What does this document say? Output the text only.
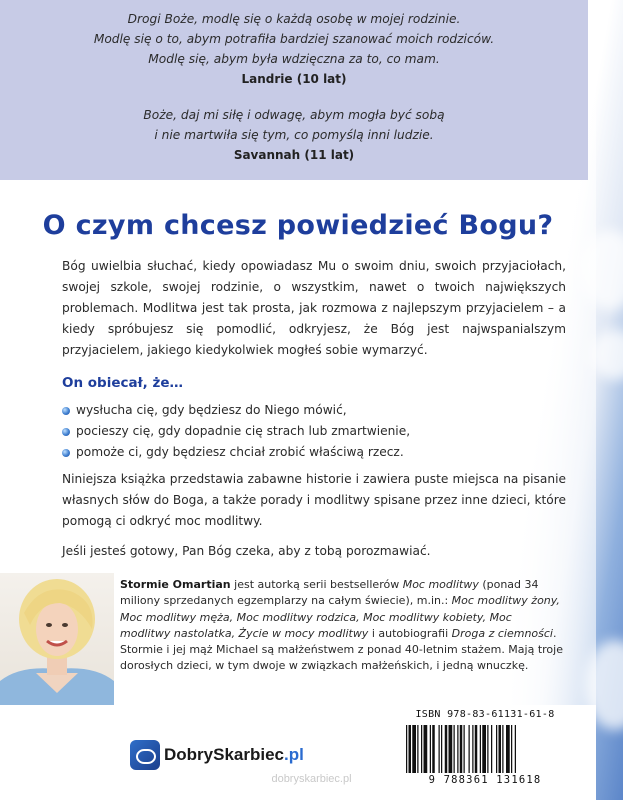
Drogi Boże, modlę się o każdą osobę w mojej rodzinie.
Modlę się o to, abym potrafiła bardziej szanować moich rodziców.
Modlę się, abym była wdzięczna za to, co mam.
Landrie (10 lat)
Boże, daj mi siłę i odwagę, abym mogła być sobą
i nie martwiła się tym, co pomyślą inni ludzie.
Savannah (11 lat)
O czym chcesz powiedzieć Bogu?

Bóg uwielbia słuchać, kiedy opowiadasz Mu o swoim dniu, swoich przyjaciołach, swojej szkole, swojej rodzinie, o wszystkim, nawet o twoich największych problemach. Modlitwa jest tak prosta, jak rozmowa z najlepszym przyjacielem – a kiedy spróbujesz się pomodlić, odkryjesz, że Bóg jest najwspanialszym przyjacielem, jakiego kiedykolwiek mogłeś sobie wymarzyć.

On obiecał, że…

wysłucha cię, gdy będziesz do Niego mówić,
pocieszy cię, gdy dopadnie cię strach lub zmartwienie,
pomoże ci, gdy będziesz chciał zrobić właściwą rzecz.

Niniejsza książka przedstawia zabawne historie i zawiera puste miejsca na pisanie własnych słów do Boga, a także porady i modlitwy spisane przez inne dzieci, które pomogą ci odkryć moc modlitwy.

Jeśli jesteś gotowy, Pan Bóg czeka, aby z tobą porozmawiać.

Stormie Omartian jest autorką serii bestsellerów Moc modlitwy (ponad 34 miliony sprzedanych egzemplarzy na całym świecie), m.in.: Moc modlitwy żony, Moc modlitwy męża, Moc modlitwy rodzica, Moc modlitwy kobiety, Moc modlitwy nastolatka, Życie w mocy modlitwy i autobiografii Droga z ciemności. Stormie i jej mąż Michael są małżeństwem z ponad 40-letnim stażem. Mają troje dorosłych dzieci, w tym dwoje w związkach małżeńskich, i jedną wnuczkę.

DobrySkarbiec.pl
ISBN 978-83-61131-61-8
9 788361 131618
dobryskarbiec.pl
